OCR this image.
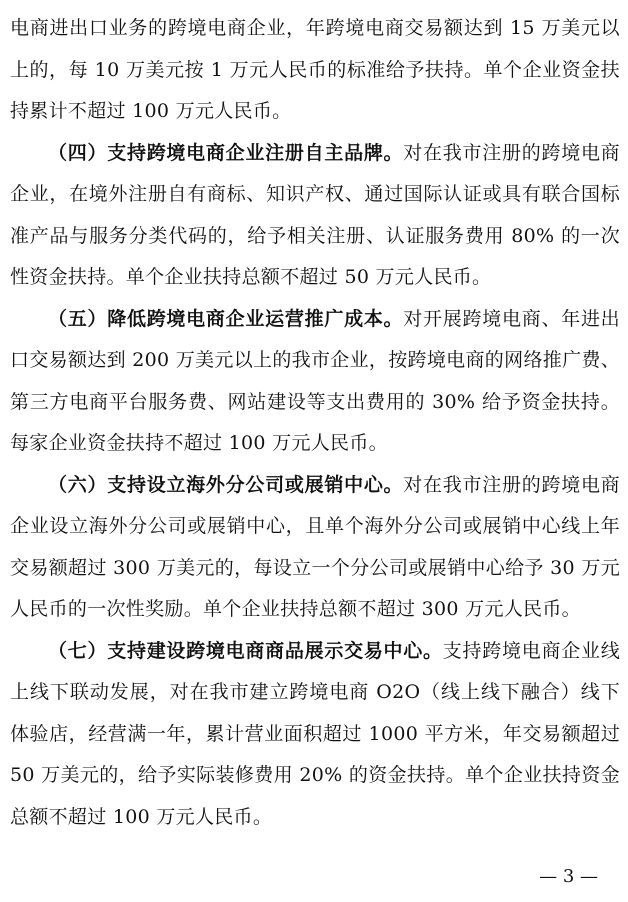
电商进出口业务的跨境电商企业，年跨境电商交易额达到 15 万美元以上的，每 10 万美元按 1 万元人民币的标准给予扶持。单个企业资金扶持累计不超过 100 万元人民币。

（四）支持跨境电商企业注册自主品牌。对在我市注册的跨境电商企业，在境外注册自有商标、知识产权、通过国际认证或具有联合国标准产品与服务分类代码的，给予相关注册、认证服务费用 80% 的一次性资金扶持。单个企业扶持总额不超过 50 万元人民币。

（五）降低跨境电商企业运营推广成本。对开展跨境电商、年进出口交易额达到 200 万美元以上的我市企业，按跨境电商的网络推广费、第三方电商平台服务费、网站建设等支出费用的 30% 给予资金扶持。每家企业资金扶持不超过 100 万元人民币。

（六）支持设立海外分公司或展销中心。对在我市注册的跨境电商企业设立海外分公司或展销中心，且单个海外分公司或展销中心线上年交易额超过 300 万美元的，每设立一个分公司或展销中心给予 30 万元人民币的一次性奖励。单个企业扶持总额不超过 300 万元人民币。

（七）支持建设跨境电商商品展示交易中心。支持跨境电商企业线上线下联动发展，对在我市建立跨境电商 O2O（线上线下融合）线下体验店，经营满一年，累计营业面积超过 1000 平方米，年交易额超过 50 万美元的，给予实际装修费用 20% 的资金扶持。单个企业扶持资金总额不超过 100 万元人民币。

— 3 —
